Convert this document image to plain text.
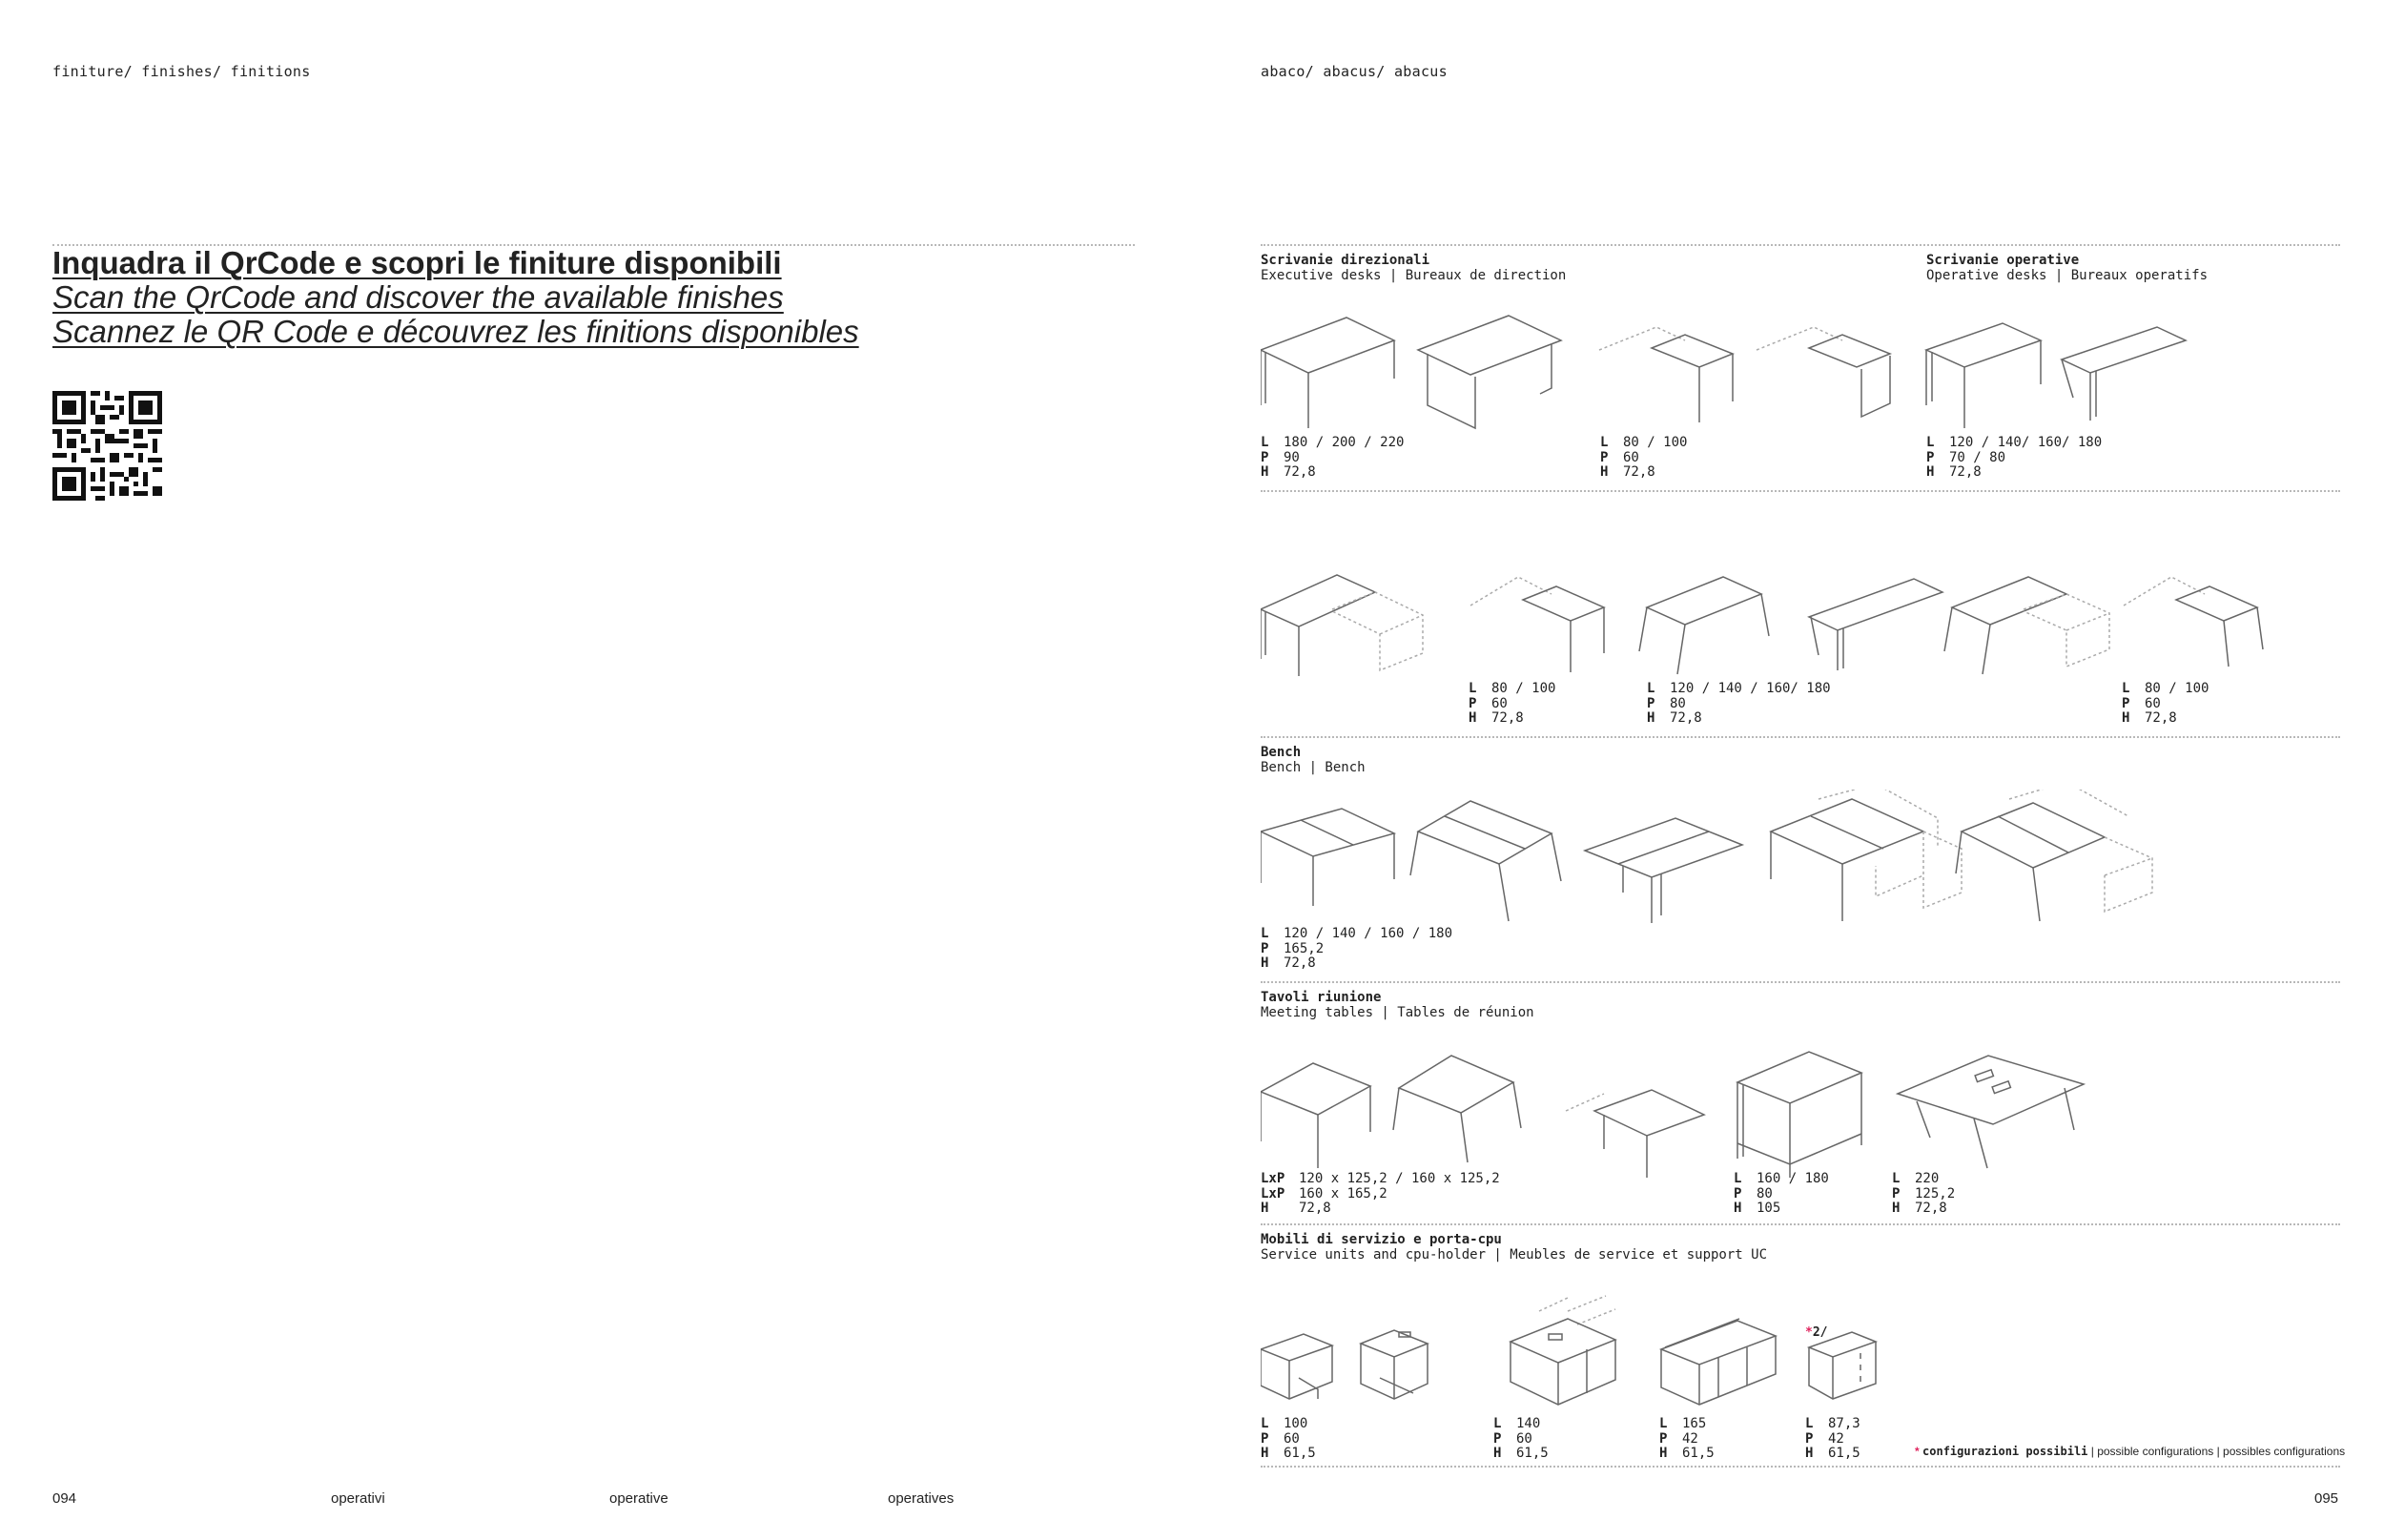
finiture/ finishes/ finitions
Inquadra il QrCode e scopri le finiture disponibili
Scan the QrCode and discover the available finishes
Scannez le QR Code e découvrez les finitions disponibles
094	operativi	operative	operatives
abaco/ abacus/ abacus
Scrivanie direzionali
Executive desks | Bureaux de direction
Scrivanie operative
Operative desks | Bureaux operatifs
L 180 / 200 / 220
P 90
H 72,8
L 80 / 100
P 60
H 72,8
L 120 / 140/ 160/ 180
P 70 / 80
H 72,8
L 80 / 100
P 60
H 72,8
L 120 / 140 / 160/ 180
P 80
H 72,8
L 80 / 100
P 60
H 72,8
Bench
Bench | Bench
L 120 / 140 / 160 / 180
P 165,2
H 72,8
Tavoli riunione
Meeting tables | Tables de réunion
LxP 120 x 125,2 / 160 x 125,2
LxP 160 x 165,2
H 72,8
L 160 / 180
P 80
H 105
L 220
P 125,2
H 72,8
Mobili di servizio e porta-cpu
Service units and cpu-holder | Meubles de service et support UC
*2/
L 100
P 60
H 61,5
L 140
P 60
H 61,5
L 165
P 42
H 61,5
L 87,3
P 42
H 61,5	* configurazioni possibili | possible configurations | possibles configurations
095
